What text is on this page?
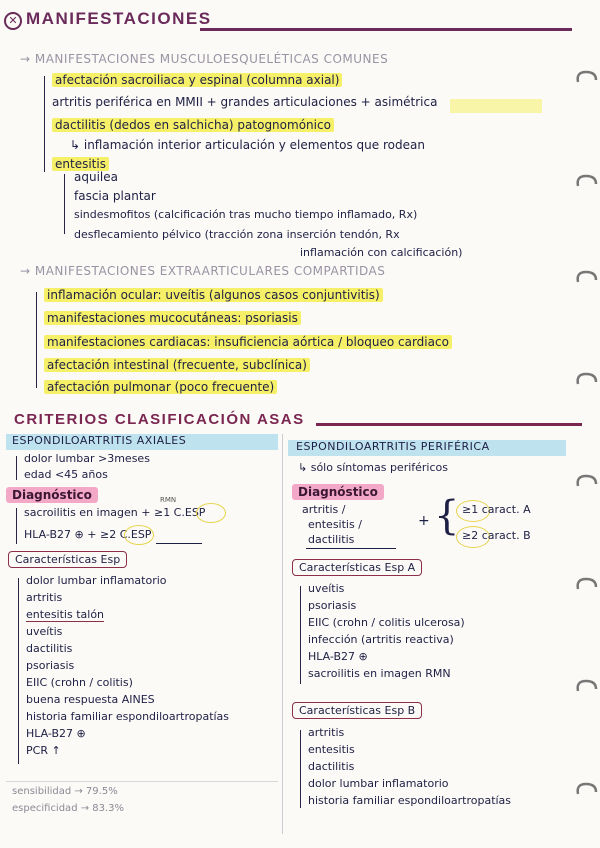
✕ MANIFESTACIONES
→ MANIFESTACIONES MUSCULOESQUELÉTICAS COMUNES
afectación sacroiliaca y espinal (columna axial)
artritis periférica en MMII + grandes articulaciones + asimétrica
dactilitis (dedos en salchicha) patognomónico
↳ inflamación interior articulación y elementos que rodean
entesitis
aquilea
fascia plantar
sindesmofitos (calcificación tras mucho tiempo inflamado, Rx)
desflecamiento pélvico (tracción zona inserción tendón, Rx
inflamación con calcificación)
→ MANIFESTACIONES EXTRAARTICULARES COMPARTIDAS
inflamación ocular: uveítis (algunos casos conjuntivitis)
manifestaciones mucocutáneas: psoriasis
manifestaciones cardiacas: insuficiencia aórtica / bloqueo cardiaco
afectación intestinal (frecuente, subclínica)
afectación pulmonar (poco frecuente)
CRITERIOS CLASIFICACIÓN ASAS
ESPONDILOARTRITIS AXIALES
dolor lumbar >3meses
edad <45 años
Diagnóstico	RMN
sacroilitis en imagen + ≥1 C.ESP
HLA-B27 ⊕ + ≥2 C.ESP
Características Esp
dolor lumbar inflamatorio
artritis
entesitis talón
uveítis
dactilitis
psoriasis
EIIC (crohn / colitis)
buena respuesta AINES
historia familiar espondiloartropatías
HLA-B27 ⊕
PCR ↑
sensibilidad → 79.5%
especificidad → 83.3%
ESPONDILOARTRITIS PERIFÉRICA
↳ sólo síntomas periféricos
Diagnóstico
artritis /
entesitis /
dactilitis
+ { ≥1 caract. A
≥2 caract. B
Características Esp A
uveítis
psoriasis
EIIC (crohn / colitis ulcerosa)
infección (artritis reactiva)
HLA-B27 ⊕
sacroilitis en imagen RMN
Características Esp B
artritis
entesitis
dactilitis
dolor lumbar inflamatorio
historia familiar espondiloartropatías
